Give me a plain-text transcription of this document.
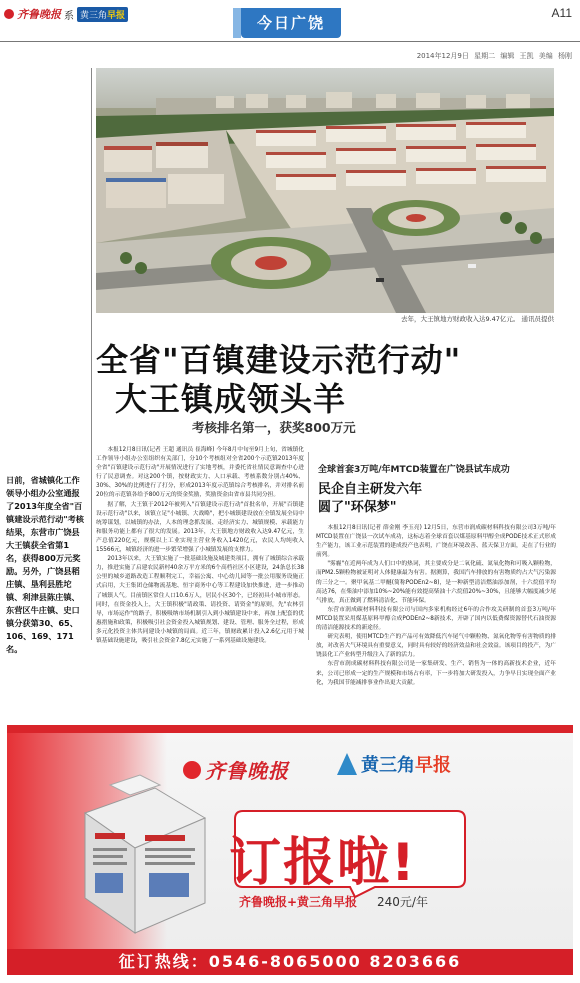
齐鲁晚报 系 黄三角早报	今日广饶
A11
2014年12月9日 星期二 编辑 王凯 美编 杨刚
去年，大王镇地方财政收入达9.47亿元。 通讯员提供
日前，省城镇化工作领导小组办公室通报了2013年度全省"百镇建设示范行动"考核结果，东营市广饶县大王镇获全省第1名，获得800万元奖励。另外，广饶县稻庄镇、垦利县胜坨镇、利津县陈庄镇、东营区牛庄镇、史口镇分获第30、65、106、169、171名。
全省"百镇建设示范行动"
大王镇成领头羊
考核排名第一，获奖800万元

本报12月8日讯(记者 王超 通讯员 崔海峰) 今年8月中旬至9月上旬，省城镇化工作领导小组办公室组织有关部门，分10个考核组对全省200个示范镇2013年度全省"百镇建设示范行动"开展情况进行了实地考核，并委托省社情民意调查中心进行了民意调查。对这200个镇，按财政实力、人口承载、考核系数分别占40%、30%、30%的比例进行了打分，形成2013年度示范镇综合考核排名，并对排名前20位的示范镇各给予800万元的资金奖励，奖励资金由省市县共同分担。

据了解，大王镇于2012年被列入"百镇建设示范行动"首批名单，开展"百镇建设示范行动"以来，该镇立足"小城镇、大战略"，把小城镇建设放在全镇发展全局中统筹谋划，以城镇的办法，人本的理念抓发展、走经济实力、城镇规模、承载能力和服务功能上都有了很大的发展。2013年，大王镇地方财政收入达9.47亿元，生产总值220亿元，规模以上工业实现主营业务收入1420亿元，农民人均纯收入15566元，城镇经济的进一步繁荣增强了小城镇发展的支撑力。

2013年以来，大王镇实施了一批基础设施及城建类项目，拥有了城镇综合承载力，推进实施了启建农民新村40余万平方米的6个高档社区小区建设，24条总长38公里的城乡道路改造工程顺利完工，幸福公寓、中心幼儿园等一批公用服务设施正式启用，大王集团仓储物流基地、恒宇商务中心等工程建设加快推进，进一步推动了城镇人气。目前镇区常住人口10.6万人，居民小区30个，已经初具小城市形态。同时，在资金投入上，大王镇积极"请政策、请投资、请资金"的原则，先"农林引导，市场运作"的路子，积极吸纳市场机制引入到小城镇建设中来，再加上配套的优惠措施和政策，积极吸引社会资金投入城镇规划、建设、管理、服务全过程，形成多元化投资主体共同建设小城镇的局面。近三年，镇财政累计投入2.6亿元用于城镇基础设施建设，吸引社会资金7.8亿元实施了一系列基础设施建设。

全球首套3万吨/年MTCD装置在广饶县试车成功
民企自主研发六年
圆了"环保梦"

本报12月8日讯(记者 薛金刚 李玉亮) 12月5日，东营市润成碳材料科技有限公司3万吨/年MTCD装置在广饶县一次试车成功，这标志着全球首套以煤基原料甲醇全成PODE技术正式形成生产能力，该工业示范装置的建成投产也表明，广饶在环境改善、蓝天保卫方面，走在了行业的前列。

"雾霾"在近两年成为人们口中的热词，其主要成分是二氧化硫、氮氧化物和可吸入颗粒物，而PM2.5颗粒物被证明对人体健康最为有害。据测算，我国汽车排放的有害物质约占大气污染源的三分之一。聚甲氧基二甲醚(简称PODEn2~8)，是一种新型清洁燃油添加剂，十六烷值平均高达76，在柴油中添加10%~20%能有效提高柴油十六烷值20%~30%，且能够大幅度减少尾气排放，真正做到了燃料清洁化、节能环保。

东营市润成碳材料科技有限公司与国内多家机构经过6年的合作攻关研制的首套3万吨/年MTCD装置采用煤基原料甲醇合成PODEn2~8新技术，开辟了国内以低费煤资源替代石油资源的清洁能源技术的新途径。

研究表明，使用MTCD生产的产品可有效降低汽车尾气中颗粒物、氮氧化物等有害物质的排放，对改善大气环境具有重要意义，同时具有较好的经济效益和社会效益。该项目的投产，为广饶县化工产业转型升级注入了新的活力。

东营市润成碳材料科技有限公司是一家集研发、生产、销售为一体的高新技术企业，近年来，公司已形成一定的生产规模和市场占有率，下一步将加大研发投入，力争早日实现全面产业化，为我国节能减排事业作出更大贡献。

齐鲁晚报	黄三角早报
订报啦!
齐鲁晚报+黄三角早报 240元/年
征订热线：0546-8065000 8203666
